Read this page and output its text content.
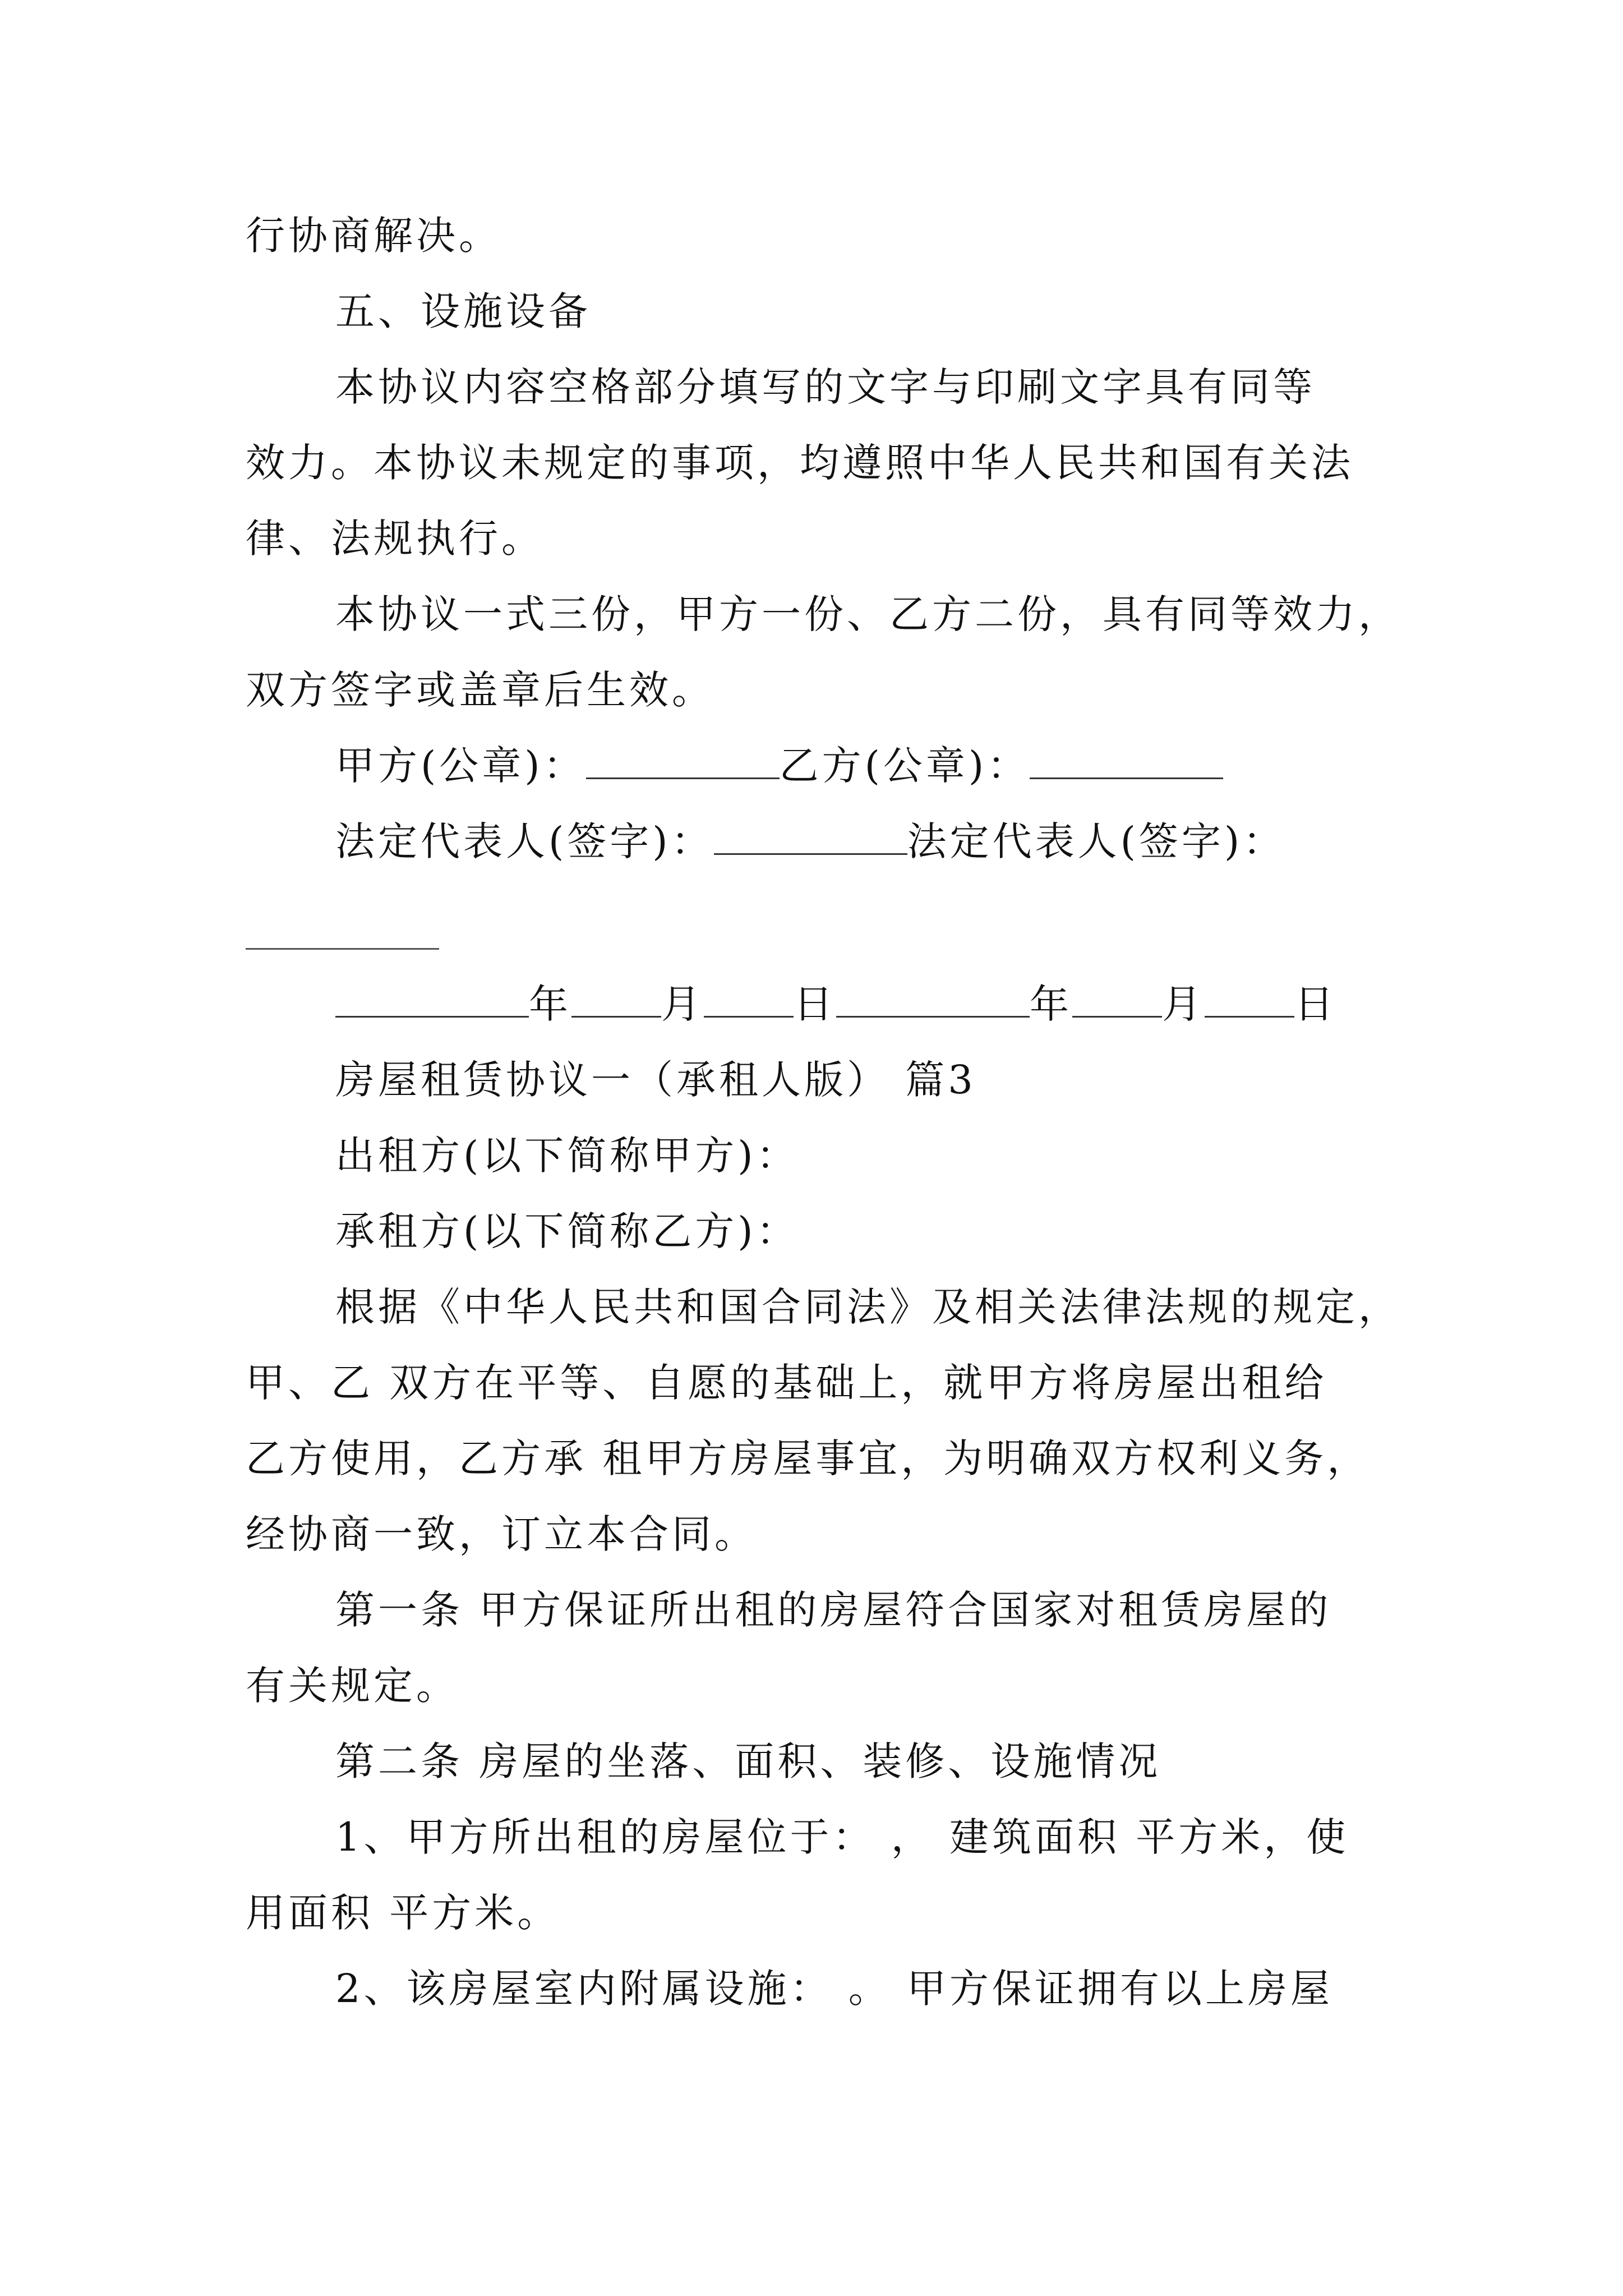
行协商解决。
五、设施设备
本协议内容空格部分填写的文字与印刷文字具有同等
效力。本协议未规定的事项，均遵照中华人民共和国有关法
律、法规执行。
本协议一式三份，甲方一份、乙方二份，具有同等效力，
双方签字或盖章后生效。
甲方(公章)：	乙方(公章)：
法定代表人(签字)：	法定代表人(签字)：
年 月 日	年 月 日
房屋租赁协议一（承租人版） 篇3
出租方(以下简称甲方)：
承租方(以下简称乙方)：
根据《中华人民共和国合同法》及相关法律法规的规定，
甲、乙 双方在平等、自愿的基础上，就甲方将房屋出租给
乙方使用，乙方承 租甲方房屋事宜，为明确双方权利义务，
经协商一致，订立本合同。
第一条 甲方保证所出租的房屋符合国家对租赁房屋的
有关规定。
第二条 房屋的坐落、面积、装修、设施情况
1、甲方所出租的房屋位于： ， 建筑面积 平方米，使
用面积 平方米。
2、该房屋室内附属设施： 。 甲方保证拥有以上房屋
